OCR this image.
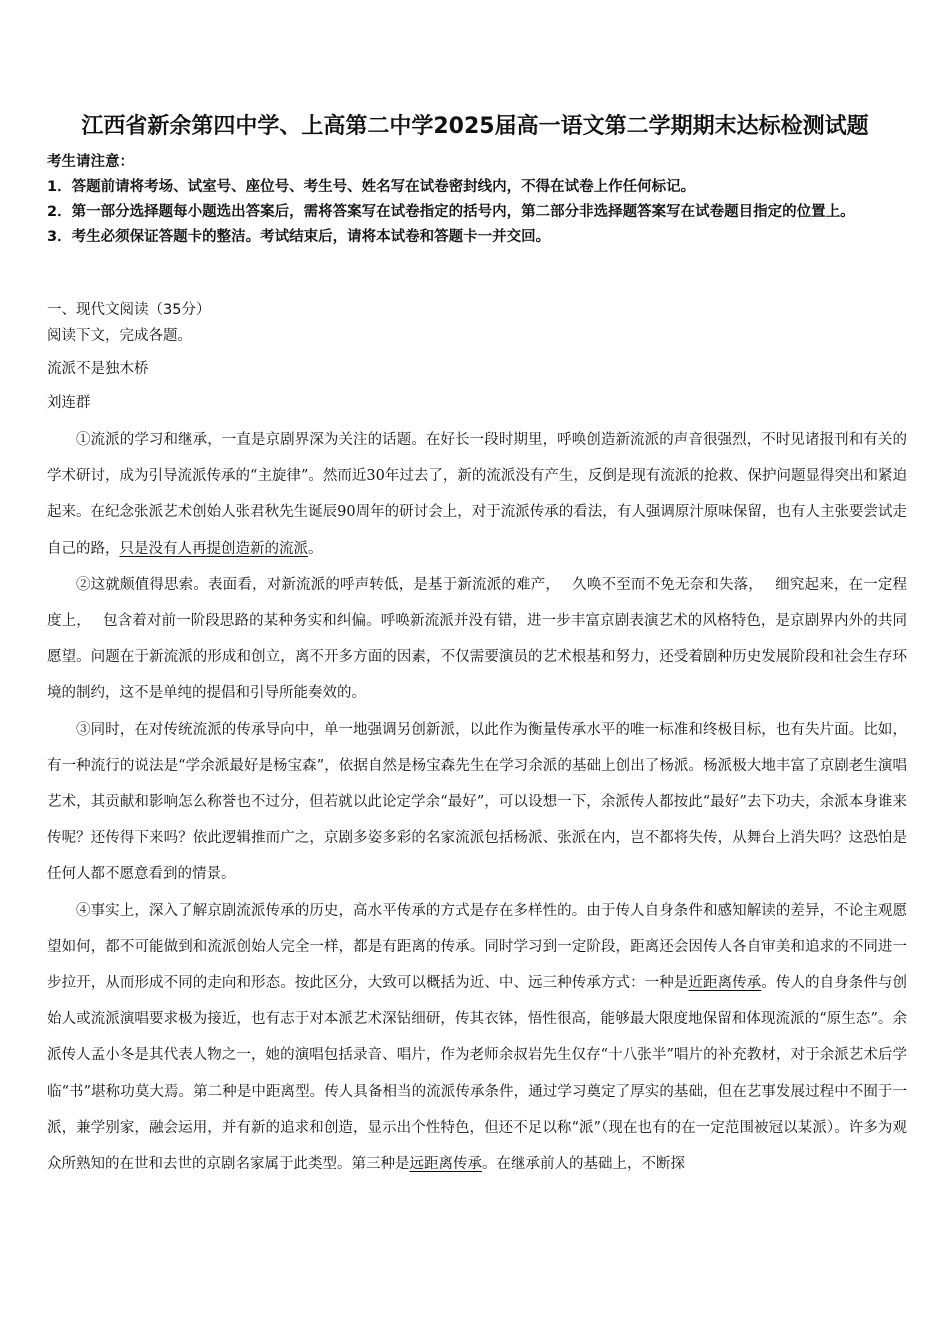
江西省新余第四中学、上高第二中学2025届高一语文第二学期期末达标检测试题
考生请注意：
1．答题前请将考场、试室号、座位号、考生号、姓名写在试卷密封线内，不得在试卷上作任何标记。
2．第一部分选择题每小题选出答案后，需将答案写在试卷指定的括号内，第二部分非选择题答案写在试卷题目指定的位置上。
3．考生必须保证答题卡的整洁。考试结束后，请将本试卷和答题卡一并交回。
一、现代文阅读（35分）
阅读下文，完成各题。
流派不是独木桥
刘连群

①流派的学习和继承，一直是京剧界深为关注的话题。在好长一段时期里，呼唤创造新流派的声音很强烈，不时见诸报刊和有关的学术研讨，成为引导流派传承的“主旋律”。然而近30年过去了，新的流派没有产生，反倒是现有流派的抢救、保护问题显得突出和紧迫起来。在纪念张派艺术创始人张君秋先生诞辰90周年的研讨会上，对于流派传承的看法，有人强调原汁原味保留，也有人主张要尝试走自己的路，只是没有人再提创造新的流派。

②这就颇值得思索。表面看，对新流派的呼声转低，是基于新流派的难产，　 久唤不至而不免无奈和失落，　 细究起来，在一定程度上，　 包含着对前一阶段思路的某种务实和纠偏。呼唤新流派并没有错，进一步丰富京剧表演艺术的风格特色，是京剧界内外的共同愿望。问题在于新流派的形成和创立，离不开多方面的因素，不仅需要演员的艺术根基和努力，还受着剧种历史发展阶段和社会生存环境的制约，这不是单纯的提倡和引导所能奏效的。

③同时，在对传统流派的传承导向中，单一地强调另创新派，以此作为衡量传承水平的唯一标准和终极目标，也有失片面。比如，有一种流行的说法是“学余派最好是杨宝森”，依据自然是杨宝森先生在学习余派的基础上创出了杨派。杨派极大地丰富了京剧老生演唱艺术，其贡献和影响怎么称誉也不过分，但若就以此论定学余“最好”，可以设想一下，余派传人都按此“最好”去下功夫，余派本身谁来传呢？还传得下来吗？依此逻辑推而广之，京剧多姿多彩的名家流派包括杨派、张派在内，岂不都将失传，从舞台上消失吗？这恐怕是任何人都不愿意看到的情景。

④事实上，深入了解京剧流派传承的历史，高水平传承的方式是存在多样性的。由于传人自身条件和感知解读的差异，不论主观愿望如何，都不可能做到和流派创始人完全一样，都是有距离的传承。同时学习到一定阶段，距离还会因传人各自审美和追求的不同进一步拉开，从而形成不同的走向和形态。按此区分，大致可以概括为近、中、远三种传承方式：一种是近距离传承。传人的自身条件与创始人或流派演唱要求极为接近，也有志于对本派艺术深钻细研，传其衣钵，悟性很高，能够最大限度地保留和体现流派的“原生态”。余派传人孟小冬是其代表人物之一，她的演唱包括录音、唱片，作为老师余叔岩先生仅存“十八张半”唱片的补充教材，对于余派艺术后学临“书”堪称功莫大焉。第二种是中距离型。传人具备相当的流派传承条件，通过学习奠定了厚实的基础，但在艺事发展过程中不囿于一派，兼学别家，融会运用，并有新的追求和创造，显示出个性特色，但还不足以称“派”（现在也有的在一定范围被冠以某派）。许多为观众所熟知的在世和去世的京剧名家属于此类型。第三种是远距离传承。在继承前人的基础上，不断探
